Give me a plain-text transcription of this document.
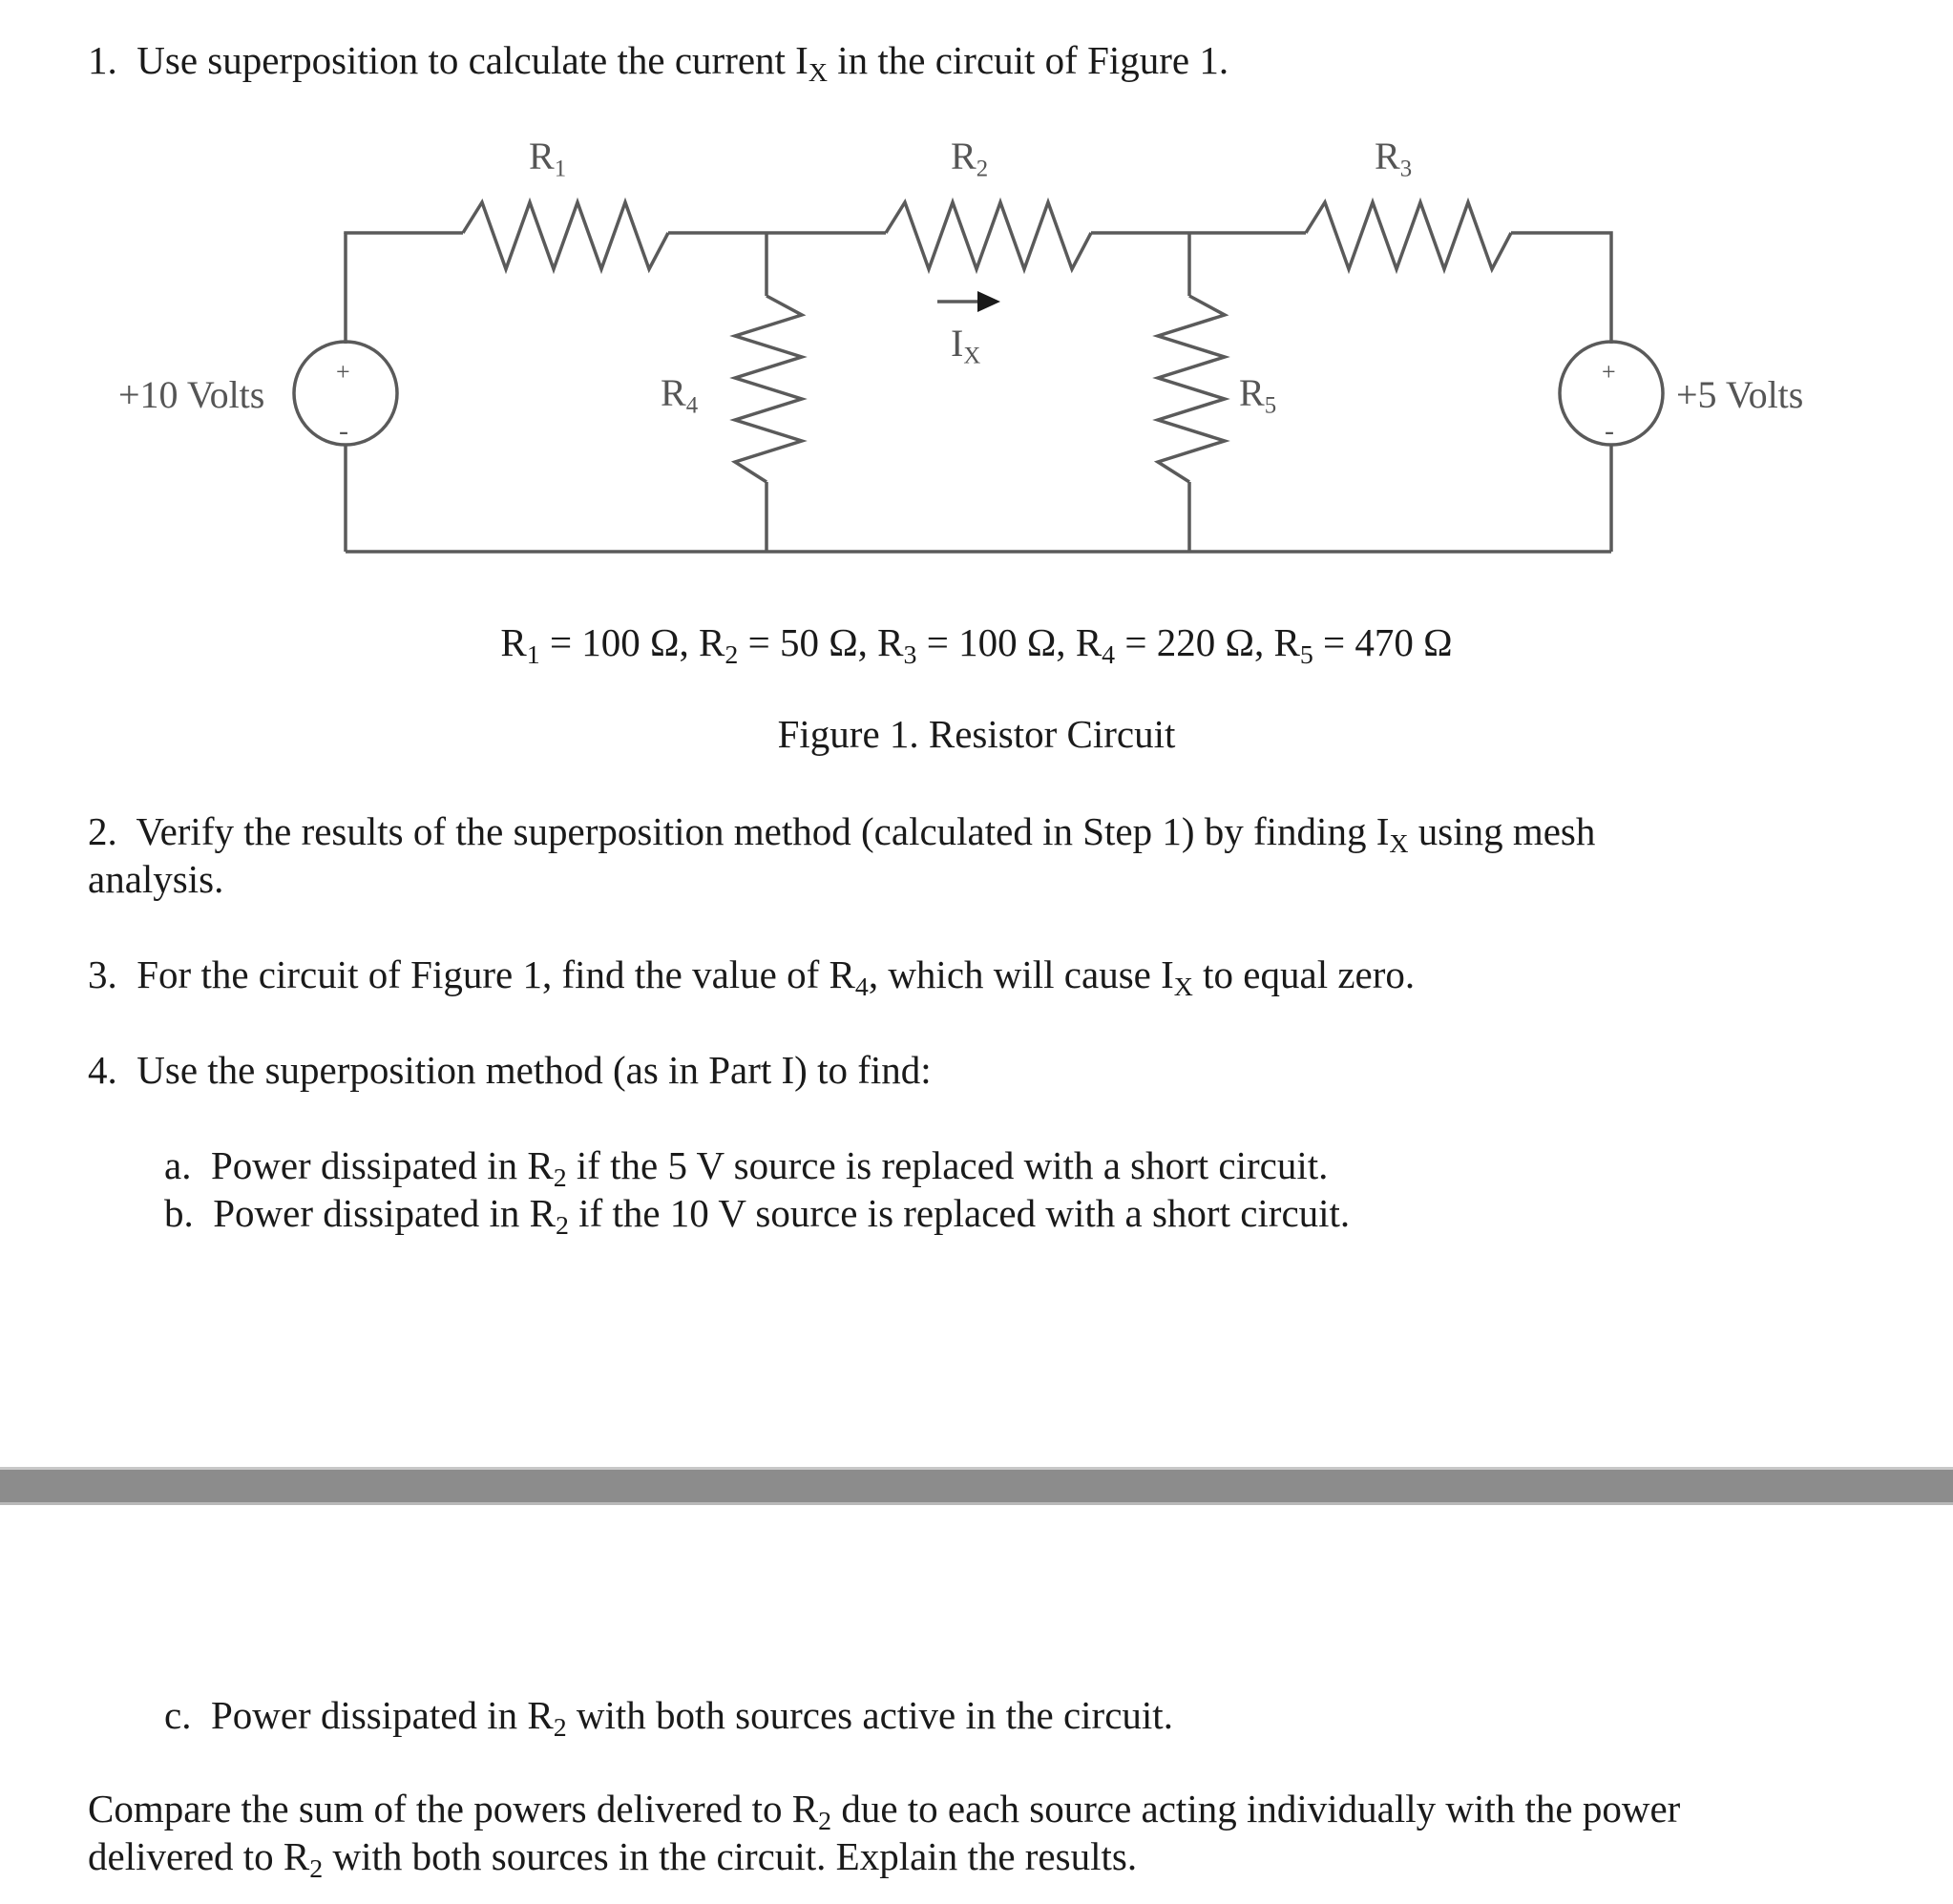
1. Use superposition to calculate the current $I_X$ in the circuit of Figure 1.
R1	R2	R3
R4	R5
IX
+10 Volts	+5 Volts
+
-
+
-
$R_1 = 100$ Ω, $R_2 = 50$ Ω, $R_3 = 100$ Ω, $R_4 = 220$ Ω, $R_5 = 470$ Ω
Figure 1. Resistor Circuit
2. Verify the results of the superposition method (calculated in Step 1) by finding $I_X$ using mesh
analysis.
3. For the circuit of Figure 1, find the value of $R_4$, which will cause $I_X$ to equal zero.
4. Use the superposition method (as in Part I) to find:
a. Power dissipated in $R_2$ if the 5 V source is replaced with a short circuit.
b. Power dissipated in $R_2$ if the 10 V source is replaced with a short circuit.
c. Power dissipated in $R_2$ with both sources active in the circuit.
Compare the sum of the powers delivered to $R_2$ due to each source acting individually with the power
delivered to $R_2$ with both sources in the circuit. Explain the results.
